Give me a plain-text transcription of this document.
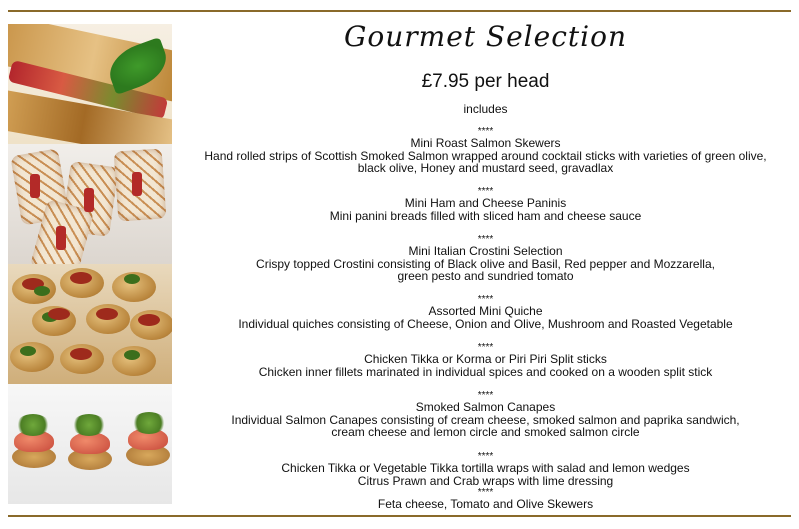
Gourmet Selection
£7.95 per head
includes
****
Mini Roast Salmon Skewers
Hand rolled strips of Scottish Smoked Salmon wrapped around cocktail sticks with varieties of green olive,
black olive, Honey and mustard seed, gravadlax
****
Mini Ham and Cheese Paninis
Mini panini breads filled with sliced ham and cheese sauce
****
Mini Italian Crostini Selection
Crispy topped Crostini consisting of Black olive and Basil, Red pepper and Mozzarella,
green pesto and sundried tomato
****
Assorted Mini Quiche
Individual quiches consisting of Cheese, Onion and Olive, Mushroom and Roasted Vegetable
****
Chicken Tikka or Korma or Piri Piri Split sticks
Chicken inner fillets marinated in individual spices and cooked on a wooden split stick
****
Smoked Salmon Canapes
Individual Salmon Canapes consisting of cream cheese, smoked salmon and paprika sandwich,
cream cheese and lemon circle and smoked salmon circle
****
Chicken Tikka or Vegetable Tikka tortilla wraps with salad and lemon wedges
Citrus Prawn and Crab wraps with lime dressing
****
Feta cheese, Tomato and Olive Skewers
